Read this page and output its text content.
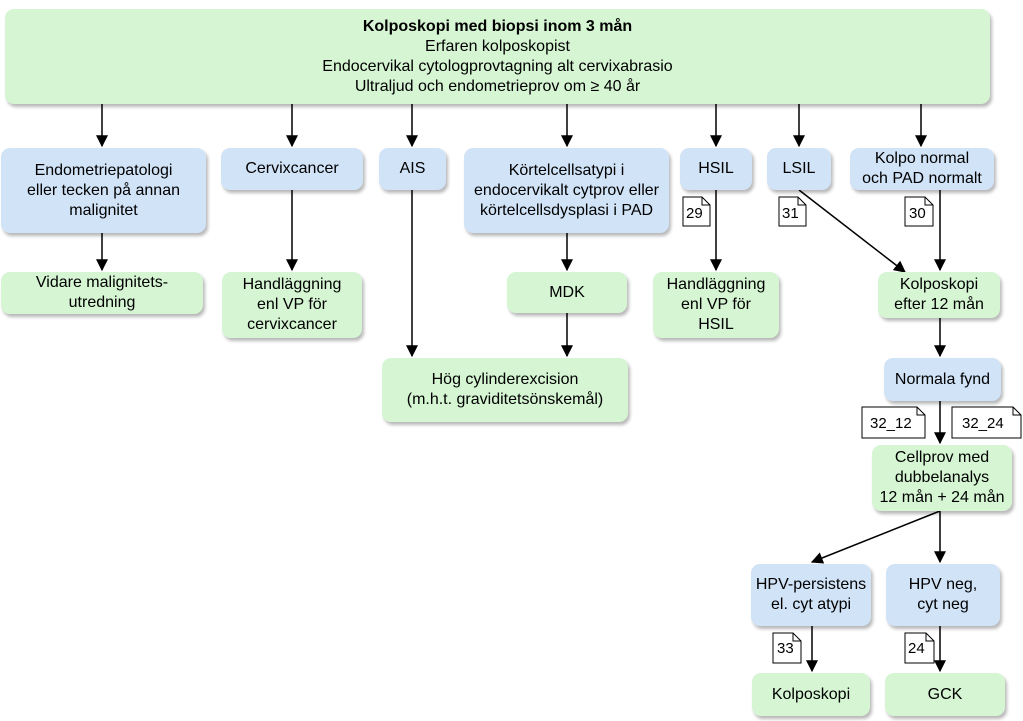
Kolposkopi med biopsi inom 3 mån
Erfaren kolposkopist
Endocervikal cytologprovtagning alt cervixabrasio
Ultraljud och endometrieprov om ≥ 40 år
Endometriepatologi
eller tecken på annan
malignitet
Cervixcancer	AIS	Körtelcellsatypi i
endocervikalt cytprov eller
körtelcellsdysplasi i PAD
HSIL	LSIL
Kolpo normal
och PAD normalt
Vidare malignitets-
utredning
Handläggning
enl VP för
cervixcancer
MDK	Handläggning
enl VP för
HSIL
Kolposkopi
efter 12 mån
Hög cylinderexcision
(m.h.t. graviditetsönskemål)
Normala fynd
Cellprov med
dubbelanalys
12 mån + 24 mån
HPV-persistens
el. cyt atypi
HPV neg,
cyt neg
Kolposkopi	GCK
29	31	30
32_12	32_24
33	24
